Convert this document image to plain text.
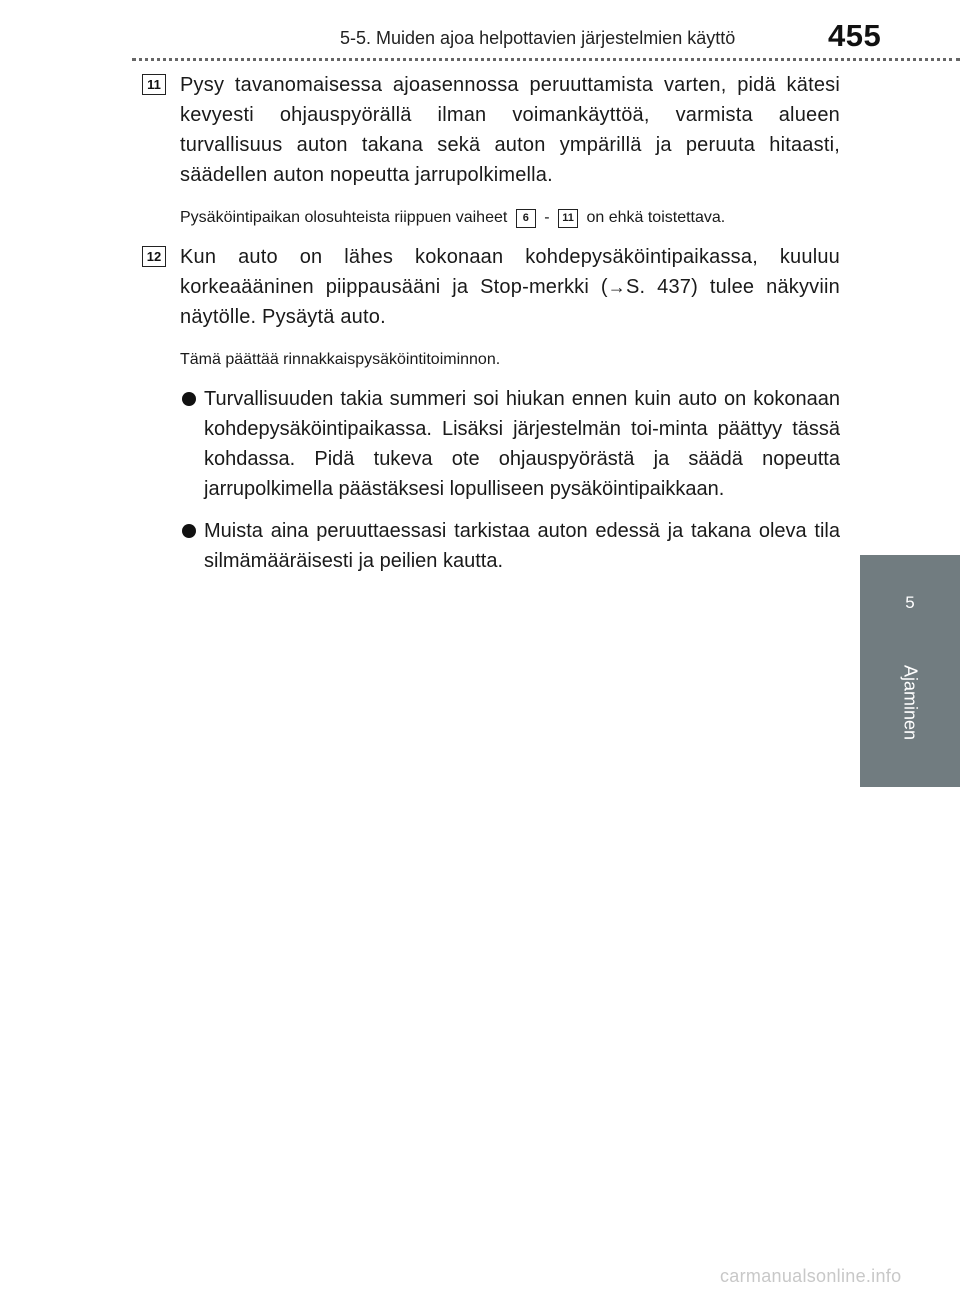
5-5. Muiden ajoa helpottavien järjestelmien käyttö	455
5
Ajaminen
11 Pysy tavanomaisessa ajoasennossa peruuttamista varten, pidä kätesi kevyesti ohjauspyörällä ilman voimankäyttöä, varmista alueen turvallisuus auton takana sekä auton ympärillä ja peruuta hitaasti, säädellen auton nopeutta jarrupolkimella.

Pysäköintipaikan olosuhteista riippuen vaiheet 6 - 11 on ehkä toistettava.
12 Kun auto on lähes kokonaan kohdepysäköintipaikassa, kuuluu korkeaääninen piippausääni ja Stop-merkki (→S. 437) tulee näkyviin näytölle. Pysäytä auto.

Tämä päättää rinnakkaispysäköintitoiminnon.

Turvallisuuden takia summeri soi hiukan ennen kuin auto on kokonaan kohdepysäköintipaikassa. Lisäksi järjestelmän toi-minta päättyy tässä kohdassa. Pidä tukeva ote ohjauspyörästä ja säädä nopeutta jarrupolkimella päästäksesi lopulliseen pysäköintipaikkaan.

Muista aina peruuttaessasi tarkistaa auton edessä ja takana oleva tila silmämääräisesti ja peilien kautta.

carmanualsonline.info
